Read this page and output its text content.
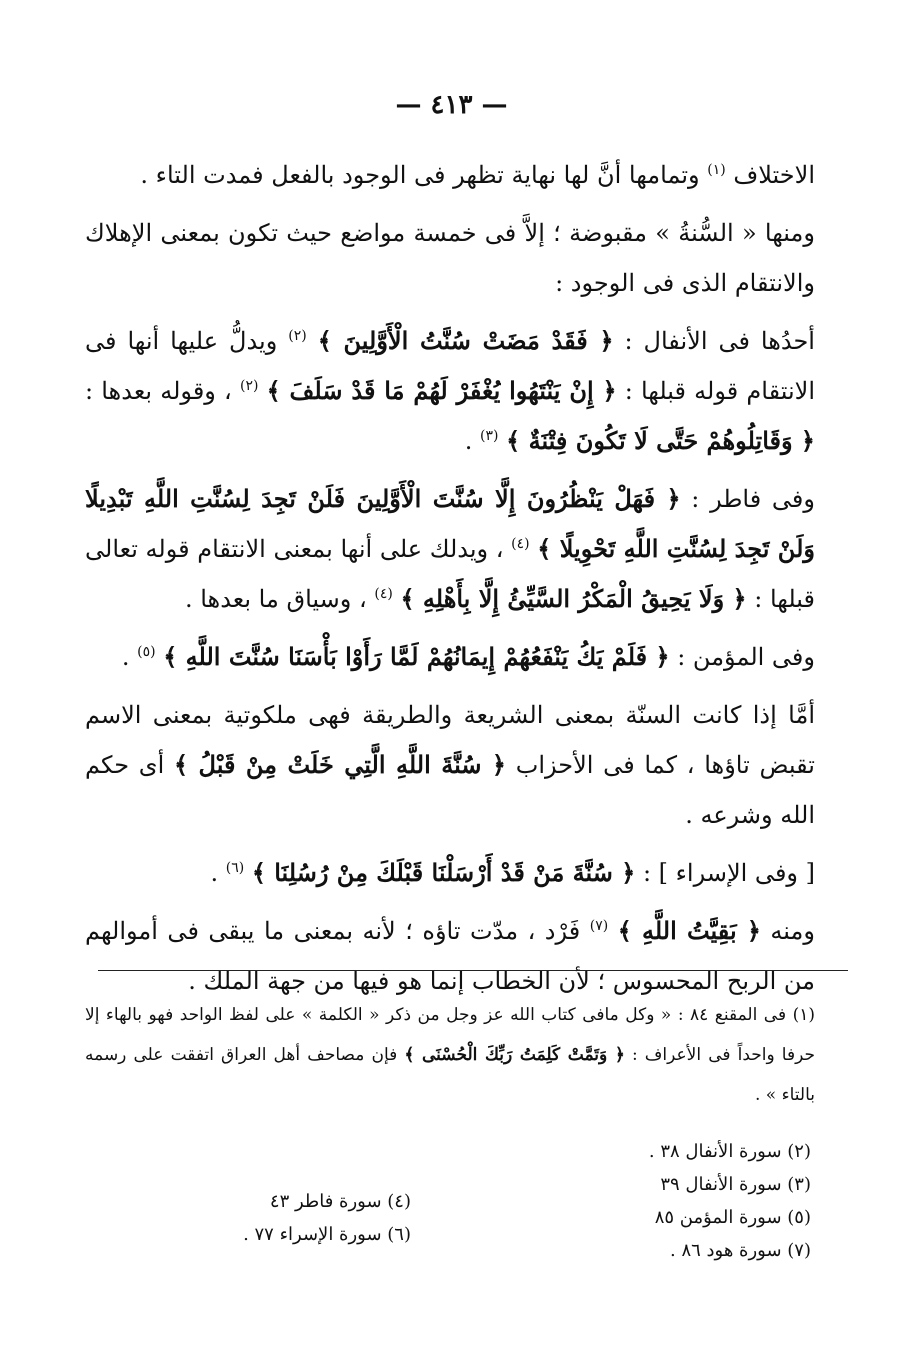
— ٤١٣ —

الاختلاف $^{(١)}$ وتمامها أنَّ لها نهاية تظهر فى الوجود بالفعل فمدت التاء .

ومنها « السُّنةُ » مقبوضة ؛ إلاَّ فى خمسة مواضع حيث تكون بمعنى الإهلاك والانتقام الذى فى الوجود :

أحدُها فى الأنفال : ﴿ فَقَدْ مَضَتْ سُنَّتُ الْأَوَّلِينَ ﴾ $^{(٢)}$ ويدلُّ عليها أنها فى الانتقام قوله قبلها : ﴿ إِنْ يَنْتَهُوا يُغْفَرْ لَهُمْ مَا قَدْ سَلَفَ ﴾ $^{(٢)}$ ، وقوله بعدها : ﴿ وَقَاتِلُوهُمْ حَتَّى لَا تَكُونَ فِتْنَةٌ ﴾ $^{(٣)}$ .

وفى فاطر : ﴿ فَهَلْ يَنْظُرُونَ إِلَّا سُنَّتَ الْأَوَّلِينَ فَلَنْ تَجِدَ لِسُنَّتِ اللَّهِ تَبْدِيلًا وَلَنْ تَجِدَ لِسُنَّتِ اللَّهِ تَحْوِيلًا ﴾ $^{(٤)}$ ، ويدلك على أنها بمعنى الانتقام قوله تعالى قبلها : ﴿ وَلَا يَحِيقُ الْمَكْرُ السَّيِّئُ إِلَّا بِأَهْلِهِ ﴾ $^{(٤)}$ ، وسياق ما بعدها .

وفى المؤمن : ﴿ فَلَمْ يَكُ يَنْفَعُهُمْ إِيمَانُهُمْ لَمَّا رَأَوْا بَأْسَنَا سُنَّتَ اللَّهِ ﴾ $^{(٥)}$ .

أمَّا إذا كانت السنّة بمعنى الشريعة والطريقة فهى ملكوتية بمعنى الاسم تقبض تاؤها ، كما فى الأحزاب ﴿ سُنَّةَ اللَّهِ الَّتِي خَلَتْ مِنْ قَبْلُ ﴾ أى حكم الله وشرعه .

[ وفى الإسراء ] : ﴿ سُنَّةَ مَنْ قَدْ أَرْسَلْنَا قَبْلَكَ مِنْ رُسُلِنَا ﴾ $^{(٦)}$ .

ومنه ﴿ بَقِيَّتُ اللَّهِ ﴾ $^{(٧)}$ فَرْد ، مدّت تاؤه ؛ لأنه بمعنى ما يبقى فى أموالهم من الربح المحسوس ؛ لأن الخطاب إنما هو فيها من جهة الملك .

(١) فى المقنع ٨٤ : « وكل مافى كتاب الله عز وجل من ذكر « الكلمة » على لفظ الواحد فهو بالهاء إلا حرفا واحداً فى الأعراف : ﴿ وَتَمَّتْ كَلِمَتُ رَبِّكَ الْحُسْنَى ﴾ فإن مصاحف أهل العراق اتفقت على رسمه بالتاء » .
(٢) سورة الأنفال ٣٨ .
(٣) سورة الأنفال ٣٩
(٥) سورة المؤمن ٨٥
(٧) سورة هود ٨٦ .
(٤) سورة فاطر ٤٣
(٦) سورة الإسراء ٧٧ .
